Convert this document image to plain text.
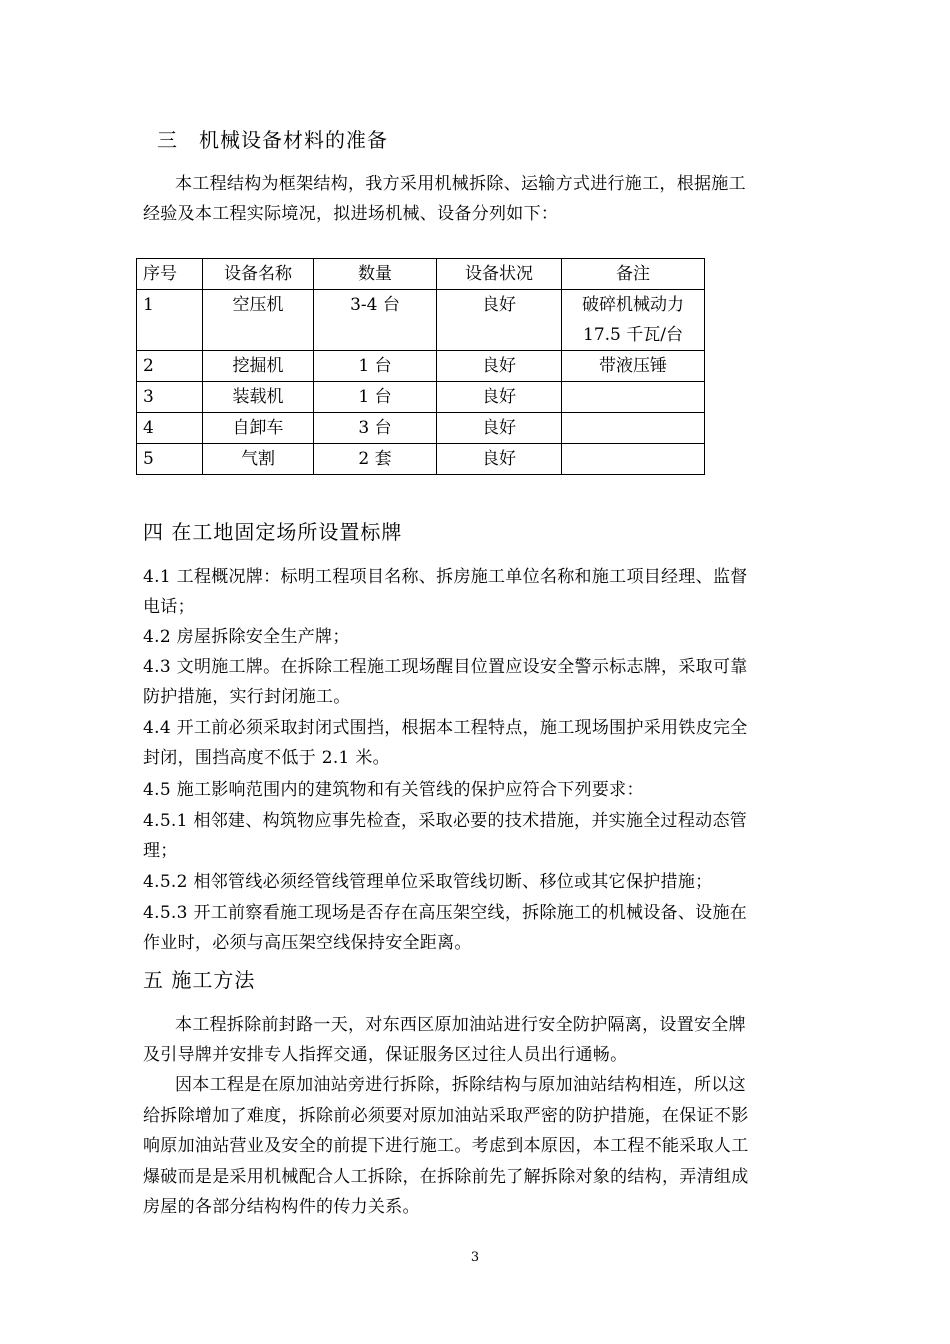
三　机械设备材料的准备
本工程结构为框架结构，我方采用机械拆除、运输方式进行施工，根据施工
经验及本工程实际境况，拟进场机械、设备分列如下：
序号	设备名称	数量	设备状况	备注
1	空压机	3-4 台	良好	破碎机械动力
17.5 千瓦/台
2	挖掘机	1 台	良好	带液压锤
3	装载机	1 台	良好	
4	自卸车	3 台	良好	
5	气割	2 套	良好	
四 在工地固定场所设置标牌
4.1 工程概况牌：标明工程项目名称、拆房施工单位名称和施工项目经理、监督
电话；
4.2 房屋拆除安全生产牌；
4.3 文明施工牌。在拆除工程施工现场醒目位置应设安全警示标志牌，采取可靠
防护措施，实行封闭施工。
4.4 开工前必须采取封闭式围挡，根据本工程特点，施工现场围护采用铁皮完全
封闭，围挡高度不低于 2.1 米。
4.5 施工影响范围内的建筑物和有关管线的保护应符合下列要求：
4.5.1 相邻建、构筑物应事先检查，采取必要的技术措施，并实施全过程动态管
理；
4.5.2 相邻管线必须经管线管理单位采取管线切断、移位或其它保护措施；
4.5.3 开工前察看施工现场是否存在高压架空线，拆除施工的机械设备、设施在
作业时，必须与高压架空线保持安全距离。
五 施工方法
本工程拆除前封路一天，对东西区原加油站进行安全防护隔离，设置安全牌
及引导牌并安排专人指挥交通，保证服务区过往人员出行通畅。
因本工程是在原加油站旁进行拆除，拆除结构与原加油站结构相连，所以这
给拆除增加了难度，拆除前必须要对原加油站采取严密的防护措施，在保证不影
响原加油站营业及安全的前提下进行施工。考虑到本原因，本工程不能采取人工
爆破而是是采用机械配合人工拆除，在拆除前先了解拆除对象的结构，弄清组成
房屋的各部分结构构件的传力关系。
3
